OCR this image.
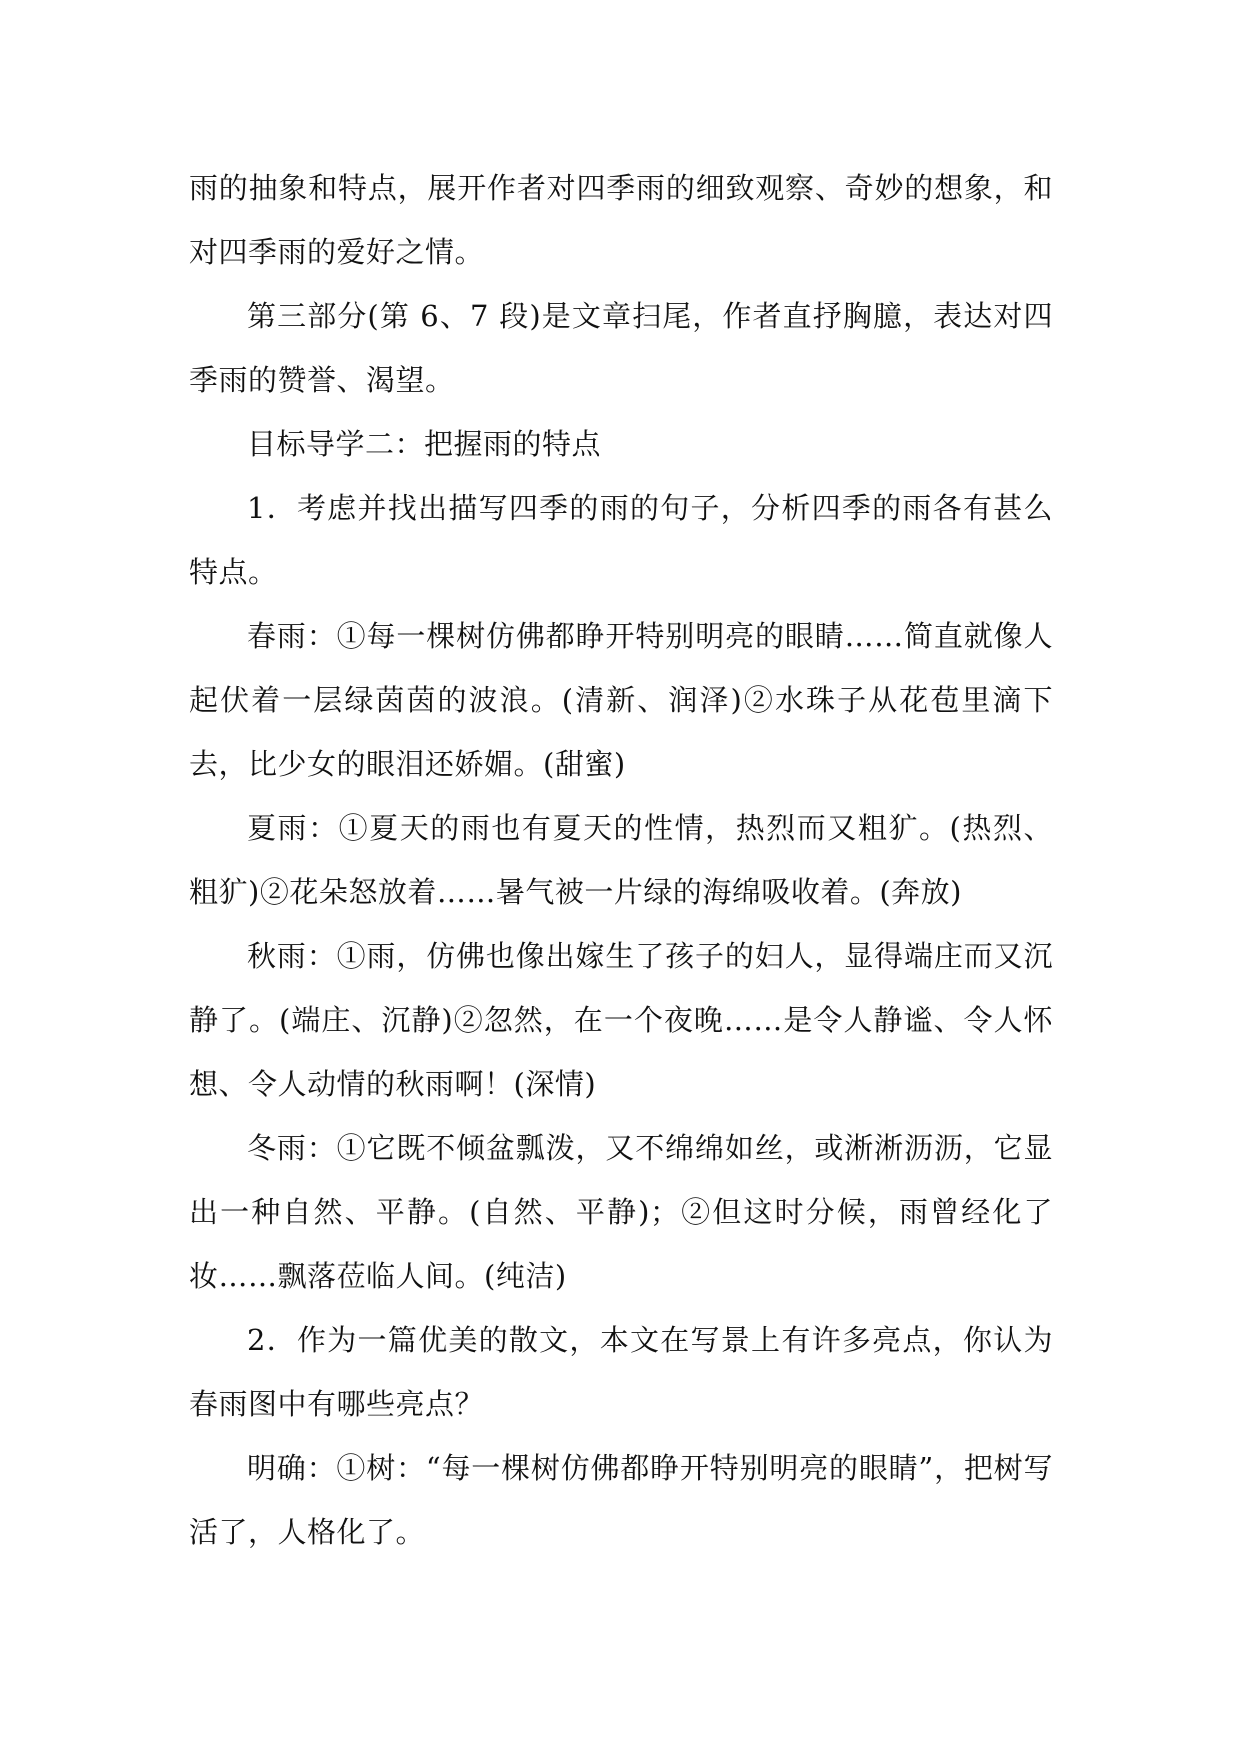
雨的抽象和特点，展开作者对四季雨的细致观察、奇妙的想象，和对四季雨的爱好之情。

第三部分(第 6、7 段)是文章扫尾，作者直抒胸臆，表达对四季雨的赞誉、渴望。

目标导学二：把握雨的特点

1．考虑并找出描写四季的雨的句子，分析四季的雨各有甚么特点。

春雨：①每一棵树仿佛都睁开特别明亮的眼睛……简直就像人起伏着一层绿茵茵的波浪。(清新、润泽)②水珠子从花苞里滴下去，比少女的眼泪还娇媚。(甜蜜)

夏雨：①夏天的雨也有夏天的性情，热烈而又粗犷。(热烈、粗犷)②花朵怒放着……暑气被一片绿的海绵吸收着。(奔放)

秋雨：①雨，仿佛也像出嫁生了孩子的妇人，显得端庄而又沉静了。(端庄、沉静)②忽然，在一个夜晚……是令人静谧、令人怀想、令人动情的秋雨啊！(深情)

冬雨：①它既不倾盆瓢泼，又不绵绵如丝，或淅淅沥沥，它显出一种自然、平静。(自然、平静)；②但这时分候，雨曾经化了妆……飘落莅临人间。(纯洁)

2．作为一篇优美的散文，本文在写景上有许多亮点，你认为春雨图中有哪些亮点？

明确：①树：“每一棵树仿佛都睁开特别明亮的眼睛”，把树写活了，人格化了。
